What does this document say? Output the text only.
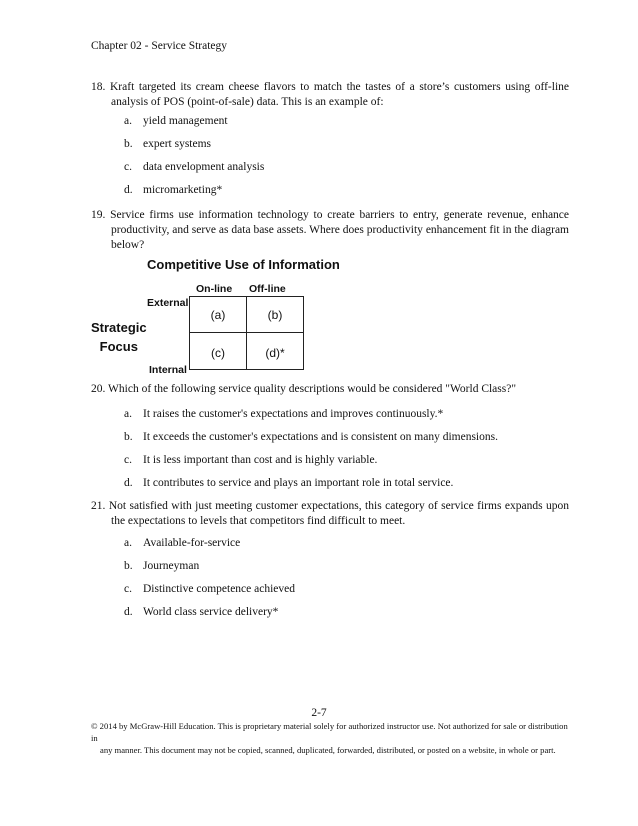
Chapter 02 - Service Strategy
18. Kraft targeted its cream cheese flavors to match the tastes of a store’s customers using off-line analysis of POS (point-of-sale) data. This is an example of:
a. yield management
b. expert systems
c. data envelopment analysis
d. micromarketing*
19. Service firms use information technology to create barriers to entry, generate revenue, enhance productivity, and serve as data base assets. Where does productivity enhancement fit in the diagram below?
Competitive Use of Information
On-line Off-line
External
Internal
Strategic
Focus
(a)	(b)
(c)	(d)*
20. Which of the following service quality descriptions would be considered "World Class?"
a. It raises the customer's expectations and improves continuously.*
b. It exceeds the customer's expectations and is consistent on many dimensions.
c. It is less important than cost and is highly variable.
d. It contributes to service and plays an important role in total service.
21. Not satisfied with just meeting customer expectations, this category of service firms expands upon the expectations to levels that competitors find difficult to meet.
a. Available-for-service
b. Journeyman
c. Distinctive competence achieved
d. World class service delivery*
2-7
© 2014 by McGraw-Hill Education. This is proprietary material solely for authorized instructor use. Not authorized for sale or distribution in
any manner. This document may not be copied, scanned, duplicated, forwarded, distributed, or posted on a website, in whole or part.
